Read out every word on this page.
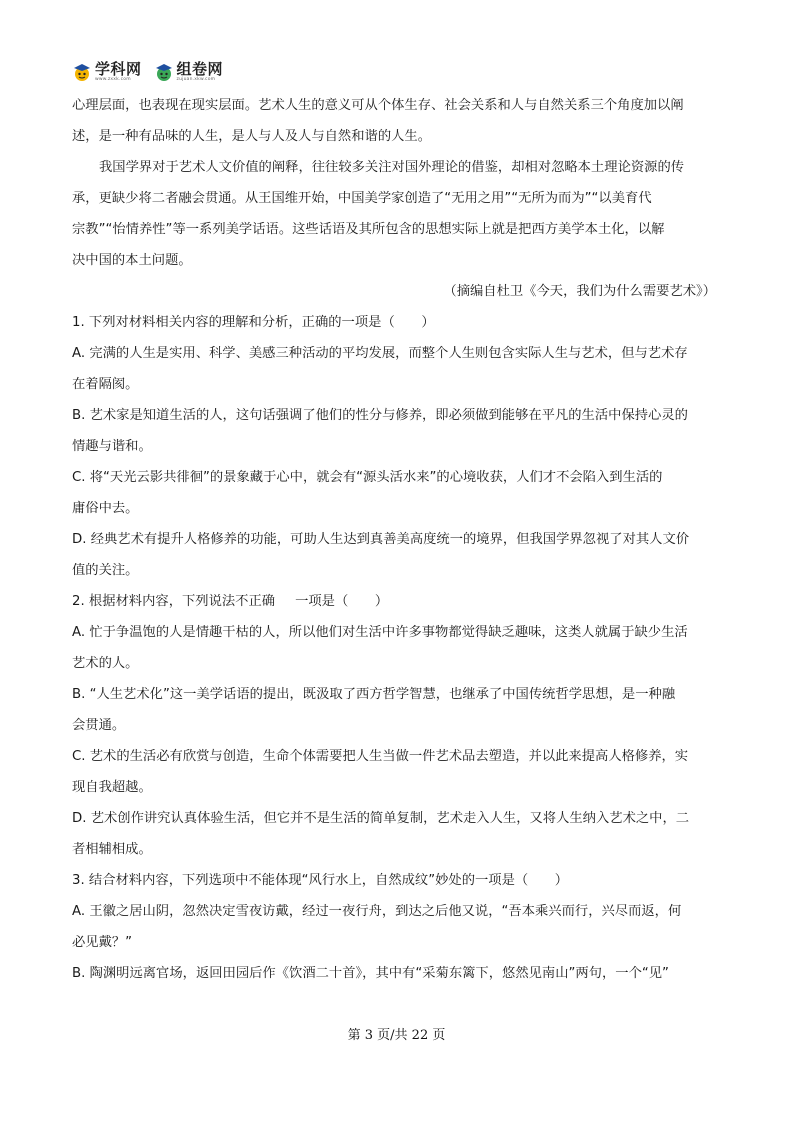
学科网
www.zxxk.com
组卷网
zujuan.xkw.com
心理层面，也表现在现实层面。艺术人生的意义可从个体生存、社会关系和人与自然关系三个角度加以阐
述，是一种有品味的人生，是人与人及人与自然和谐的人生。
我国学界对于艺术人文价值的阐释，往往较多关注对国外理论的借鉴，却相对忽略本土理论资源的传
承，更缺少将二者融会贯通。从王国维开始，中国美学家创造了“无用之用”“无所为而为”“以美育代
宗教”“怡情养性”等一系列美学话语。这些话语及其所包含的思想实际上就是把西方美学本土化，以解
决中国的本土问题。
（摘编自杜卫《今天，我们为什么需要艺术》）
1. 下列对材料相关内容的理解和分析，正确的一项是（　　）
A. 完满的人生是实用、科学、美感三种活动的平均发展，而整个人生则包含实际人生与艺术，但与艺术存
在着隔阂。
B. 艺术家是知道生活的人，这句话强调了他们的性分与修养，即必须做到能够在平凡的生活中保持心灵的
情趣与谐和。
C. 将“天光云影共徘徊”的景象藏于心中，就会有“源头活水来”的心境收获，人们才不会陷入到生活的
庸俗中去。
D. 经典艺术有提升人格修养的功能，可助人生达到真善美高度统一的境界，但我国学界忽视了对其人文价
值的关注。
2. 根据材料内容，下列说法不正确 一项是（　　）
A. 忙于争温饱的人是情趣干枯的人，所以他们对生活中许多事物都觉得缺乏趣味，这类人就属于缺少生活
艺术的人。
B. “人生艺术化”这一美学话语的提出，既汲取了西方哲学智慧，也继承了中国传统哲学思想，是一种融
会贯通。
C. 艺术的生活必有欣赏与创造，生命个体需要把人生当做一件艺术品去塑造，并以此来提高人格修养，实
现自我超越。
D. 艺术创作讲究认真体验生活，但它并不是生活的简单复制，艺术走入人生，又将人生纳入艺术之中，二
者相辅相成。
3. 结合材料内容，下列选项中不能体现“风行水上，自然成纹”妙处的一项是（　　）
A. 王徽之居山阴，忽然决定雪夜访戴，经过一夜行舟，到达之后他又说，“吾本乘兴而行，兴尽而返，何
必见戴？”
B. 陶渊明远离官场，返回田园后作《饮酒二十首》，其中有“采菊东篱下，悠然见南山”两句，一个“见”
第 3 页/共 22 页
